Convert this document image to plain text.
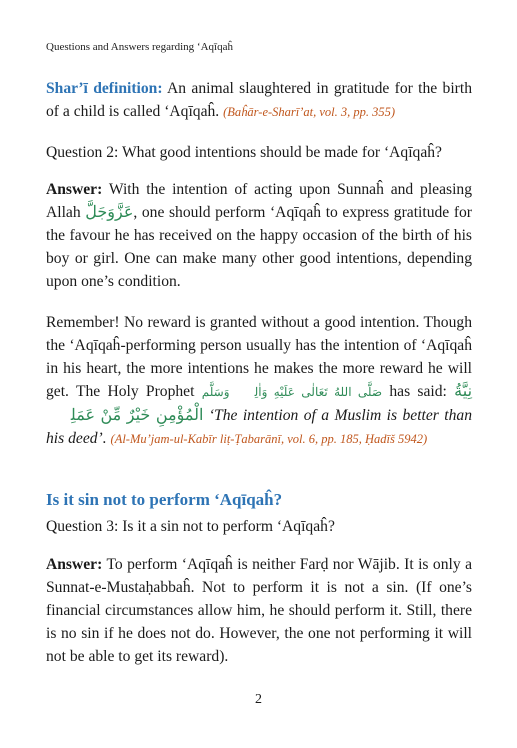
Questions and Answers regarding ‘Aqīqaĥ
Shar’ī definition: An animal slaughtered in gratitude for the birth of a child is called ‘Aqīqaĥ. (Baĥār-e-Sharī’at, vol. 3, pp. 355)
Question 2: What good intentions should be made for ‘Aqīqaĥ?
Answer: With the intention of acting upon Sunnaĥ and pleasing Allah عَزَّوَجَلَّ, one should perform ‘Aqīqaĥ to express gratitude for the favour he has received on the happy occasion of the birth of his boy or girl. One can make many other good intentions, depending upon one’s condition.
Remember! No reward is granted without a good intention. Though the ‘Aqīqaĥ-performing person usually has the intention of ‘Aqīqaĥ in his heart, the more intentions he makes the more reward he will get. The Holy Prophet صَلَّى اللهُ تَعَالٰى عَلَيْهِ وَاٰلِهٖ وَسَلَّم has said: نِيَّةُ الْمُؤْمِنِ خَيْرٌ مِّنْ عَمَلِهٖ ‘The intention of a Muslim is better than his deed’. (Al-Mu’jam-ul-Kabīr liṭ-Ṭabarānī, vol. 6, pp. 185, Ḥadīš 5942)
Is it sin not to perform ‘Aqīqaĥ?
Question 3: Is it a sin not to perform ‘Aqīqaĥ?
Answer: To perform ‘Aqīqaĥ is neither Farḍ nor Wājib. It is only a Sunnat-e-Mustaḥabbaĥ. Not to perform it is not a sin. (If one’s financial circumstances allow him, he should perform it. Still, there is no sin if he does not do. However, the one not performing it will not be able to get its reward).
2
